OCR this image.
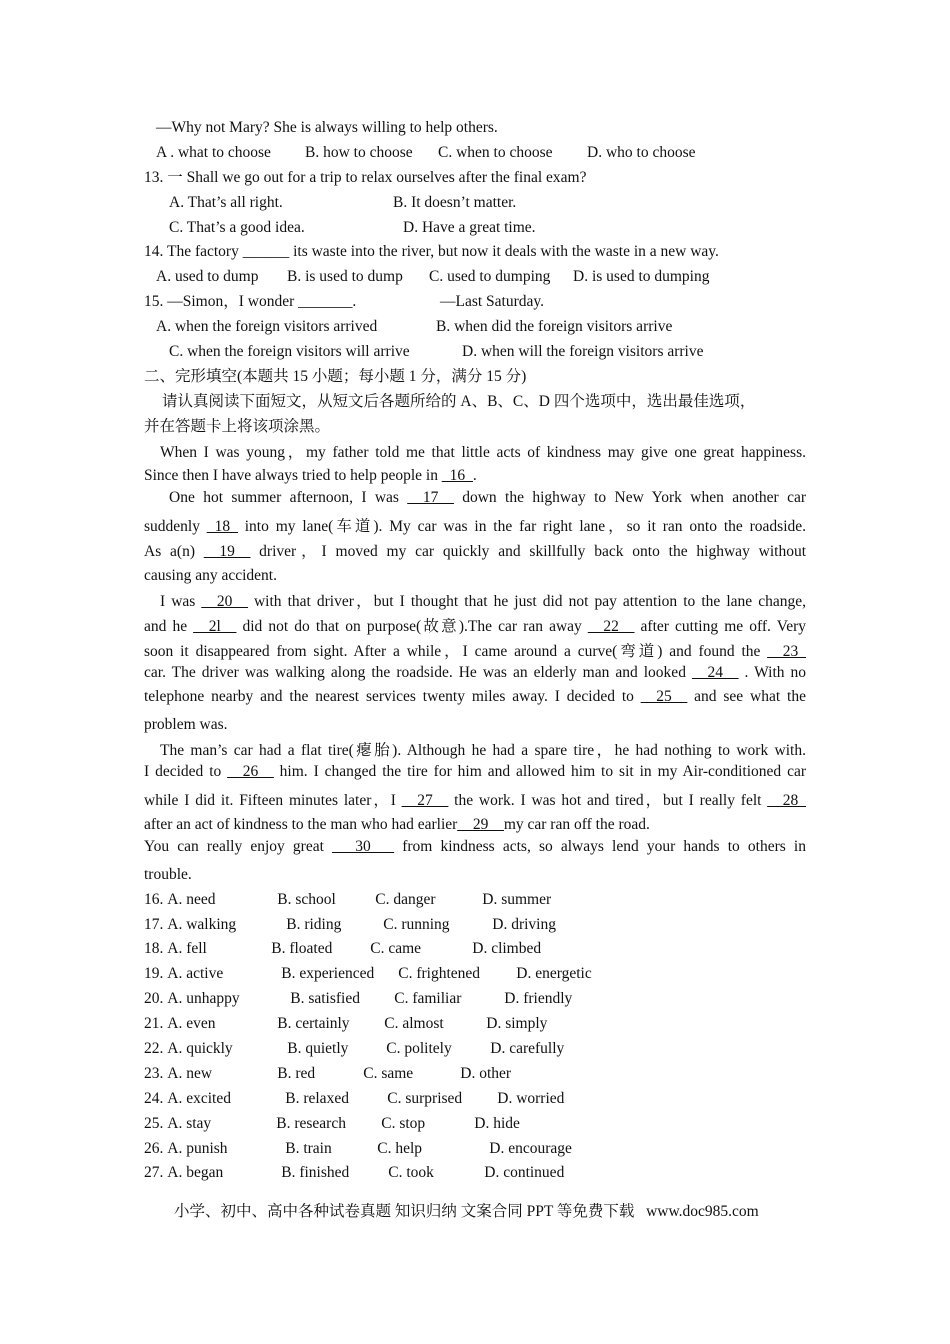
—Why not Mary? She is always willing to help others.
A . what to choose B. how to choose C. when to choose D. who to choose
13. 一 Shall we go out for a trip to relax ourselves after the final exam?
A. That’s all right.	B. It doesn’t matter.
C. That’s a good idea.	D. Have a great time.
14. The factory ______ its waste into the river, but now it deals with the waste in a new way.
A. used to dump B. is used to dump C. used to dumping D. is used to dumping
15. —Simon，I wonder _______.	—Last Saturday.
A. when the foreign visitors arrived	B. when did the foreign visitors arrive
C. when the foreign visitors will arrive	D. when will the foreign visitors arrive
二、完形填空(本题共 15 小题；每小题 1 分，满分 15 分)
请认真阅读下面短文，从短文后各题所给的 A、B、C、D 四个选项中，选出最佳选项，
并在答题卡上将该项涂黑。
When I was young，my father told me that little acts of kindness may give one great happiness.
Since then I have always tried to help people in _16_.
One hot summer afternoon, I was __17__ down the highway to New York when another car
suddenly _18_ into my lane(车道). My car was in the far right lane，so it ran onto the roadside.
As a(n) __19__ driver，I moved my car quickly and skillfully back onto the highway without
causing any accident.
I was __20__ with that driver，but I thought that he just did not pay attention to the lane change,
and he __2l__ did not do that on purpose(故意).The car ran away __22__ after cutting me off. Very
soon it disappeared from sight. After a while，I came around a curve(弯道) and found the __23_
car. The driver was walking along the roadside. He was an elderly man and looked __24__ . With no
telephone nearby and the nearest services twenty miles away. I decided to __25__ and see what the
problem was.
The man’s car had a flat tire(瘪胎). Although he had a spare tire，he had nothing to work with.
I decided to __26__ him. I changed the tire for him and allowed him to sit in my Air-conditioned car
while I did it. Fifteen minutes later，I __27__ the work. I was hot and tired，but I really felt __28_
after an act of kindness to the man who had earlier__29__my car ran off the road.
You can really enjoy great ___30___ from kindness acts, so always lend your hands to others in
trouble.
16. A. need	B. school	C. danger	D. summer
17. A. walking	B. riding	C. running	D. driving
18. A. fell	B. floated C. came	D. climbed
19. A. active	B. experienced C. frightened D. energetic
20. A. unhappy	B. satisfied C. familiar	D. friendly
21. A. even	B. certainly C. almost	D. simply
22. A. quickly	B. quietly C. politely D. carefully
23. A. new	B. red	C. same	D. other
24. A. excited	B. relaxed C. surprised D. worried
25. A. stay	B. research C. stop	D. hide
26. A. punish	B. train	C. help	D. encourage
27. A. began	B. finished	C. took	D. continued
小学、初中、高中各种试卷真题 知识归纳 文案合同 PPT 等免费下载 www.doc985.com
